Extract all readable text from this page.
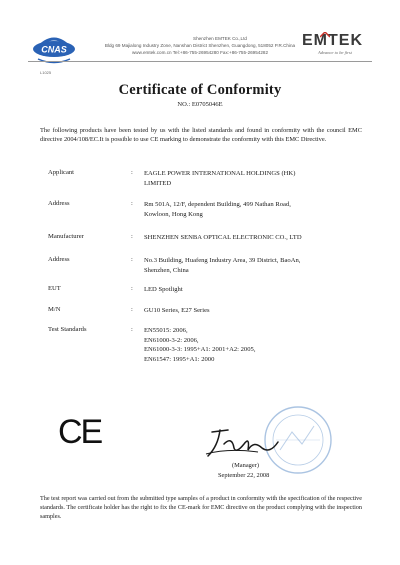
CNAS
L1025
Shenzhen EMTEK Co.,Ltd
Bldg 69 Majialong Industry Zone, Nanshan District Shenzhen, Guangdong, 518052 P.R.China
www.emtek.com.cn Tel:+86-755-26954280 Fax:+86-755-26954282
EMTEK
Advance to be first
Certificate of Conformity
NO.: E0705046E
The following products have been tested by us with the listed standards and found in conformity with the council EMC directive 2004/108/EC.It is possible to use CE marking to demonstrate the conformity with this EMC Directive.
Applicant	: EAGLE POWER INTERNATIONAL HOLDINGS (HK)
LIMITED
Address	: Rm 501A, 12/F, dependent Building, 499 Nathan Road,
Kowloon, Hong Kong
Manufacturer	: SHENZHEN SENBA OPTICAL ELECTRONIC CO., LTD
Address	: No.3 Building, Huafeng Industry Area, 39 District, BaoAn,
Shenzhen, China
EUT	: LED Spotlight
M/N	: GU10 Series, E27 Series
Test Standards	: EN55015: 2006,
EN61000-3-2: 2006,
EN61000-3-3: 1995+A1: 2001+A2: 2005,
EN61547: 1995+A1: 2000
CE
(Manager)
September 22, 2008
The test report was carried out from the submitted type samples of a product in conformity with the specification of the respective standards. The certificate holder has the right to fix the CE-mark for EMC directive on the product complying with the inspection samples.
